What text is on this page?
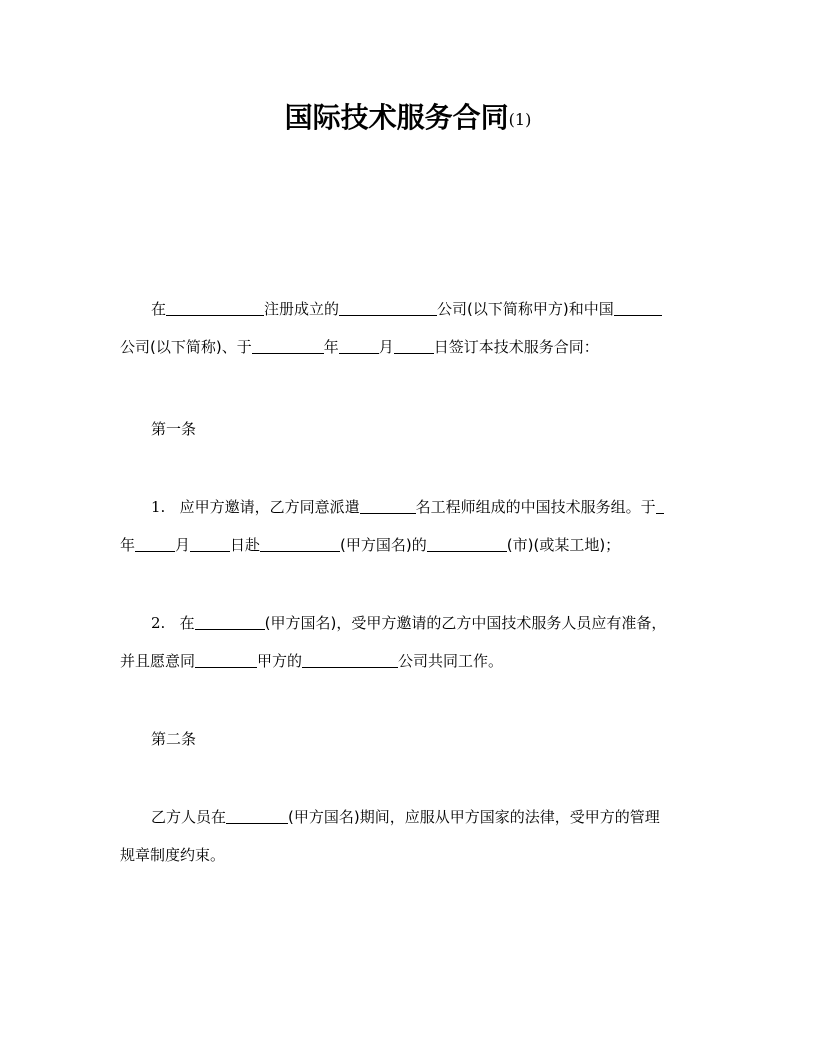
国际技术服务合同(1)
在	注册成立的	公司(以下简称甲方)和中国
公司(以下简称)、于	年	月	日签订本技术服务合同：
第一条
1. 应甲方邀请，乙方同意派遣	名工程师组成的中国技术服务组。于
年	月	日赴	(甲方国名)的	(市)(或某工地)；
2. 在	(甲方国名)，受甲方邀请的乙方中国技术服务人员应有准备，
并且愿意同	甲方的	公司共同工作。
第二条
乙方人员在	(甲方国名)期间，应服从甲方国家的法律，受甲方的管理
规章制度约束。
